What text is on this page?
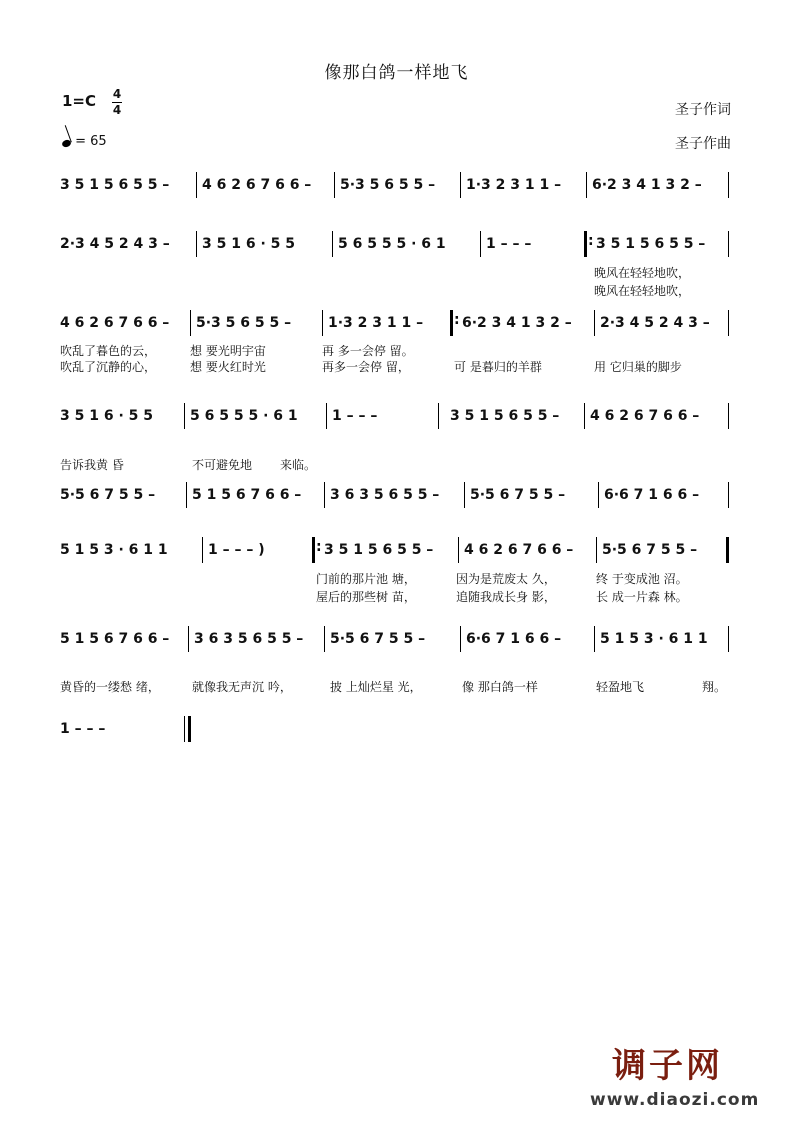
像那白鸽一样地飞
1=C 4
4
= 65
圣子作词
圣子作曲
3 5 1 5 6 5 5 –	4 6 2 6 7 6 6 –	5·3 5 6 5 5 –	1·3 2 3 1 1 –	6·2 3 4 1 3 2 –
2·3 4 5 2 4 3 –	3 5 1 6 · 5 5	5 6 5 5 5 · 6 1	1 – – – :	3 5 1 5 6 5 5 –
晚风在轻轻地吹，
晚风在轻轻地吹，
4 6 2 6 7 6 6 –	5·3 5 6 5 5 –	1·3 2 3 1 1 – :	6·2 3 4 1 3 2 –	2·3 4 5 2 4 3 –
吹乱了暮色的云，	想 要光明宇宙	再 多一会停 留。
吹乱了沉静的心，	想 要火红时光	再多一会停 留，	可 是暮归的羊群	用 它归巢的脚步
3 5 1 6 · 5 5	5 6 5 5 5 · 6 1	1 – – –	3 5 1 5 6 5 5 –	4 6 2 6 7 6 6 –
告诉我黄 昏	不可避免地 来临。
5·5 6 7 5 5 –	5 1 5 6 7 6 6 –	3 6 3 5 6 5 5 –	5·5 6 7 5 5 –	6·6 7 1 6 6 –
5 1 5 3 · 6 1 1	1 – – – ) :	3 5 1 5 6 5 5 –	4 6 2 6 7 6 6 –	5·5 6 7 5 5 –
门前的那片池 塘，	因为是荒废太 久，	终 于变成池 沼。
屋后的那些树 苗，	追随我成长身 影，	长 成一片森 林。
5 1 5 6 7 6 6 –	3 6 3 5 6 5 5 –	5·5 6 7 5 5 –	6·6 7 1 6 6 –	5 1 5 3 · 6 1 1
黄昏的一缕愁 绪，	就像我无声沉 吟，	披 上灿烂星 光，	像 那白鸽一样	轻盈地飞	翔。
1 – – –
调子网
www.diaozi.com
